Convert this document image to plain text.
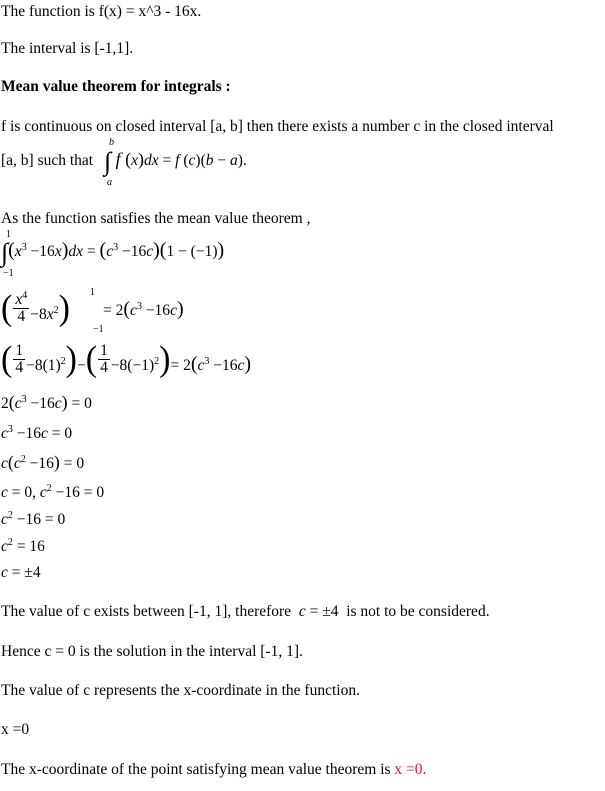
The function is f(x) = x^3 - 16x.
The interval is [-1,1].
Mean value theorem for integrals :
f is continuous on closed interval [a, b] then there exists a number c in the closed interval
[a, b] such that ∫ f (x)dx = f (c)(b − a).
b
a
As the function satisfies the mean value theorem ,
$\int(x^3 -16x)dx = (c^3 -16c)(1 - (-1))$
1
−1
( $\frac{x^4}{4} -8x^2$) 1
−1
= $2(c^3 -16c)$
( $\frac{1}{4} -8(1)^2)-( \frac{1}{4} -8(-1)^2)= 2(c^3 -16c)$
$2(c^3 -16c) = 0$
$c^3 -16c = 0$
$c(c^2 -16) = 0$
c = 0, $c^2 -16 = 0$
$c^2 -16 = 0$
$c^2 = 16$
c = ±4
The value of c exists between [-1, 1], therefore c = ±4 is not to be considered.
Hence c = 0 is the solution in the interval [-1, 1].
The value of c represents the x-coordinate in the function.
x =0
The x-coordinate of the point satisfying mean value theorem is x =0.
